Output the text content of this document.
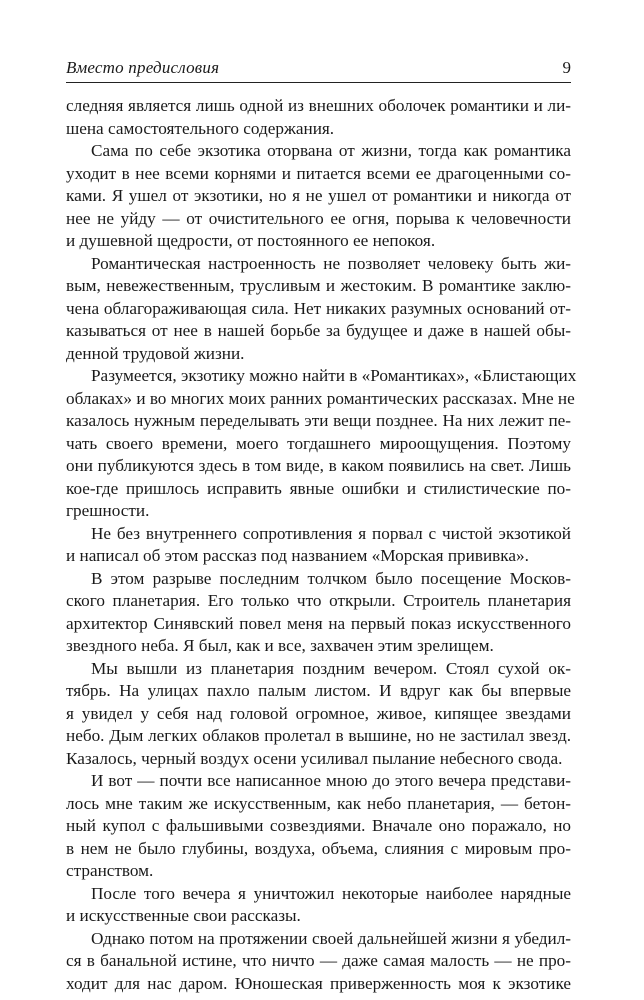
Вместо предисловия	9
следняя является лишь одной из внешних оболочек романтики и ли-
шена самостоятельного содержания.
Сама по себе экзотика оторвана от жизни, тогда как романтика
уходит в нее всеми корнями и питается всеми ее драгоценными со-
ками. Я ушел от экзотики, но я не ушел от романтики и никогда от
нее не уйду — от очистительного ее огня, порыва к человечности
и душевной щедрости, от постоянного ее непокоя.
Романтическая настроенность не позволяет человеку быть жи-
вым, невежественным, трусливым и жестоким. В романтике заклю-
чена облагораживающая сила. Нет никаких разумных оснований от-
казываться от нее в нашей борьбе за будущее и даже в нашей обы-
денной трудовой жизни.
Разумеется, экзотику можно найти в «Романтиках», «Блистающих
облаках» и во многих моих ранних романтических рассказах. Мне не
казалось нужным переделывать эти вещи позднее. На них лежит пе-
чать своего времени, моего тогдашнего мироощущения. Поэтому
они публикуются здесь в том виде, в каком появились на свет. Лишь
кое-где пришлось исправить явные ошибки и стилистические по-
грешности.
Не без внутреннего сопротивления я порвал с чистой экзотикой
и написал об этом рассказ под названием «Морская прививка».
В этом разрыве последним толчком было посещение Москов-
ского планетария. Его только что открыли. Строитель планетария
архитектор Синявский повел меня на первый показ искусственного
звездного неба. Я был, как и все, захвачен этим зрелищем.
Мы вышли из планетария поздним вечером. Стоял сухой ок-
тябрь. На улицах пахло палым листом. И вдруг как бы впервые
я увидел у себя над головой огромное, живое, кипящее звездами
небо. Дым легких облаков пролетал в вышине, но не застилал звезд.
Казалось, черный воздух осени усиливал пылание небесного свода.
И вот — почти все написанное мною до этого вечера представи-
лось мне таким же искусственным, как небо планетария, — бетон-
ный купол с фальшивыми созвездиями. Вначале оно поражало, но
в нем не было глубины, воздуха, объема, слияния с мировым про-
странством.
После того вечера я уничтожил некоторые наиболее нарядные
и искусственные свои рассказы.
Однако потом на протяжении своей дальнейшей жизни я убедил-
ся в банальной истине, что ничто — даже самая малость — не про-
ходит для нас даром. Юношеская приверженность моя к экзотике
